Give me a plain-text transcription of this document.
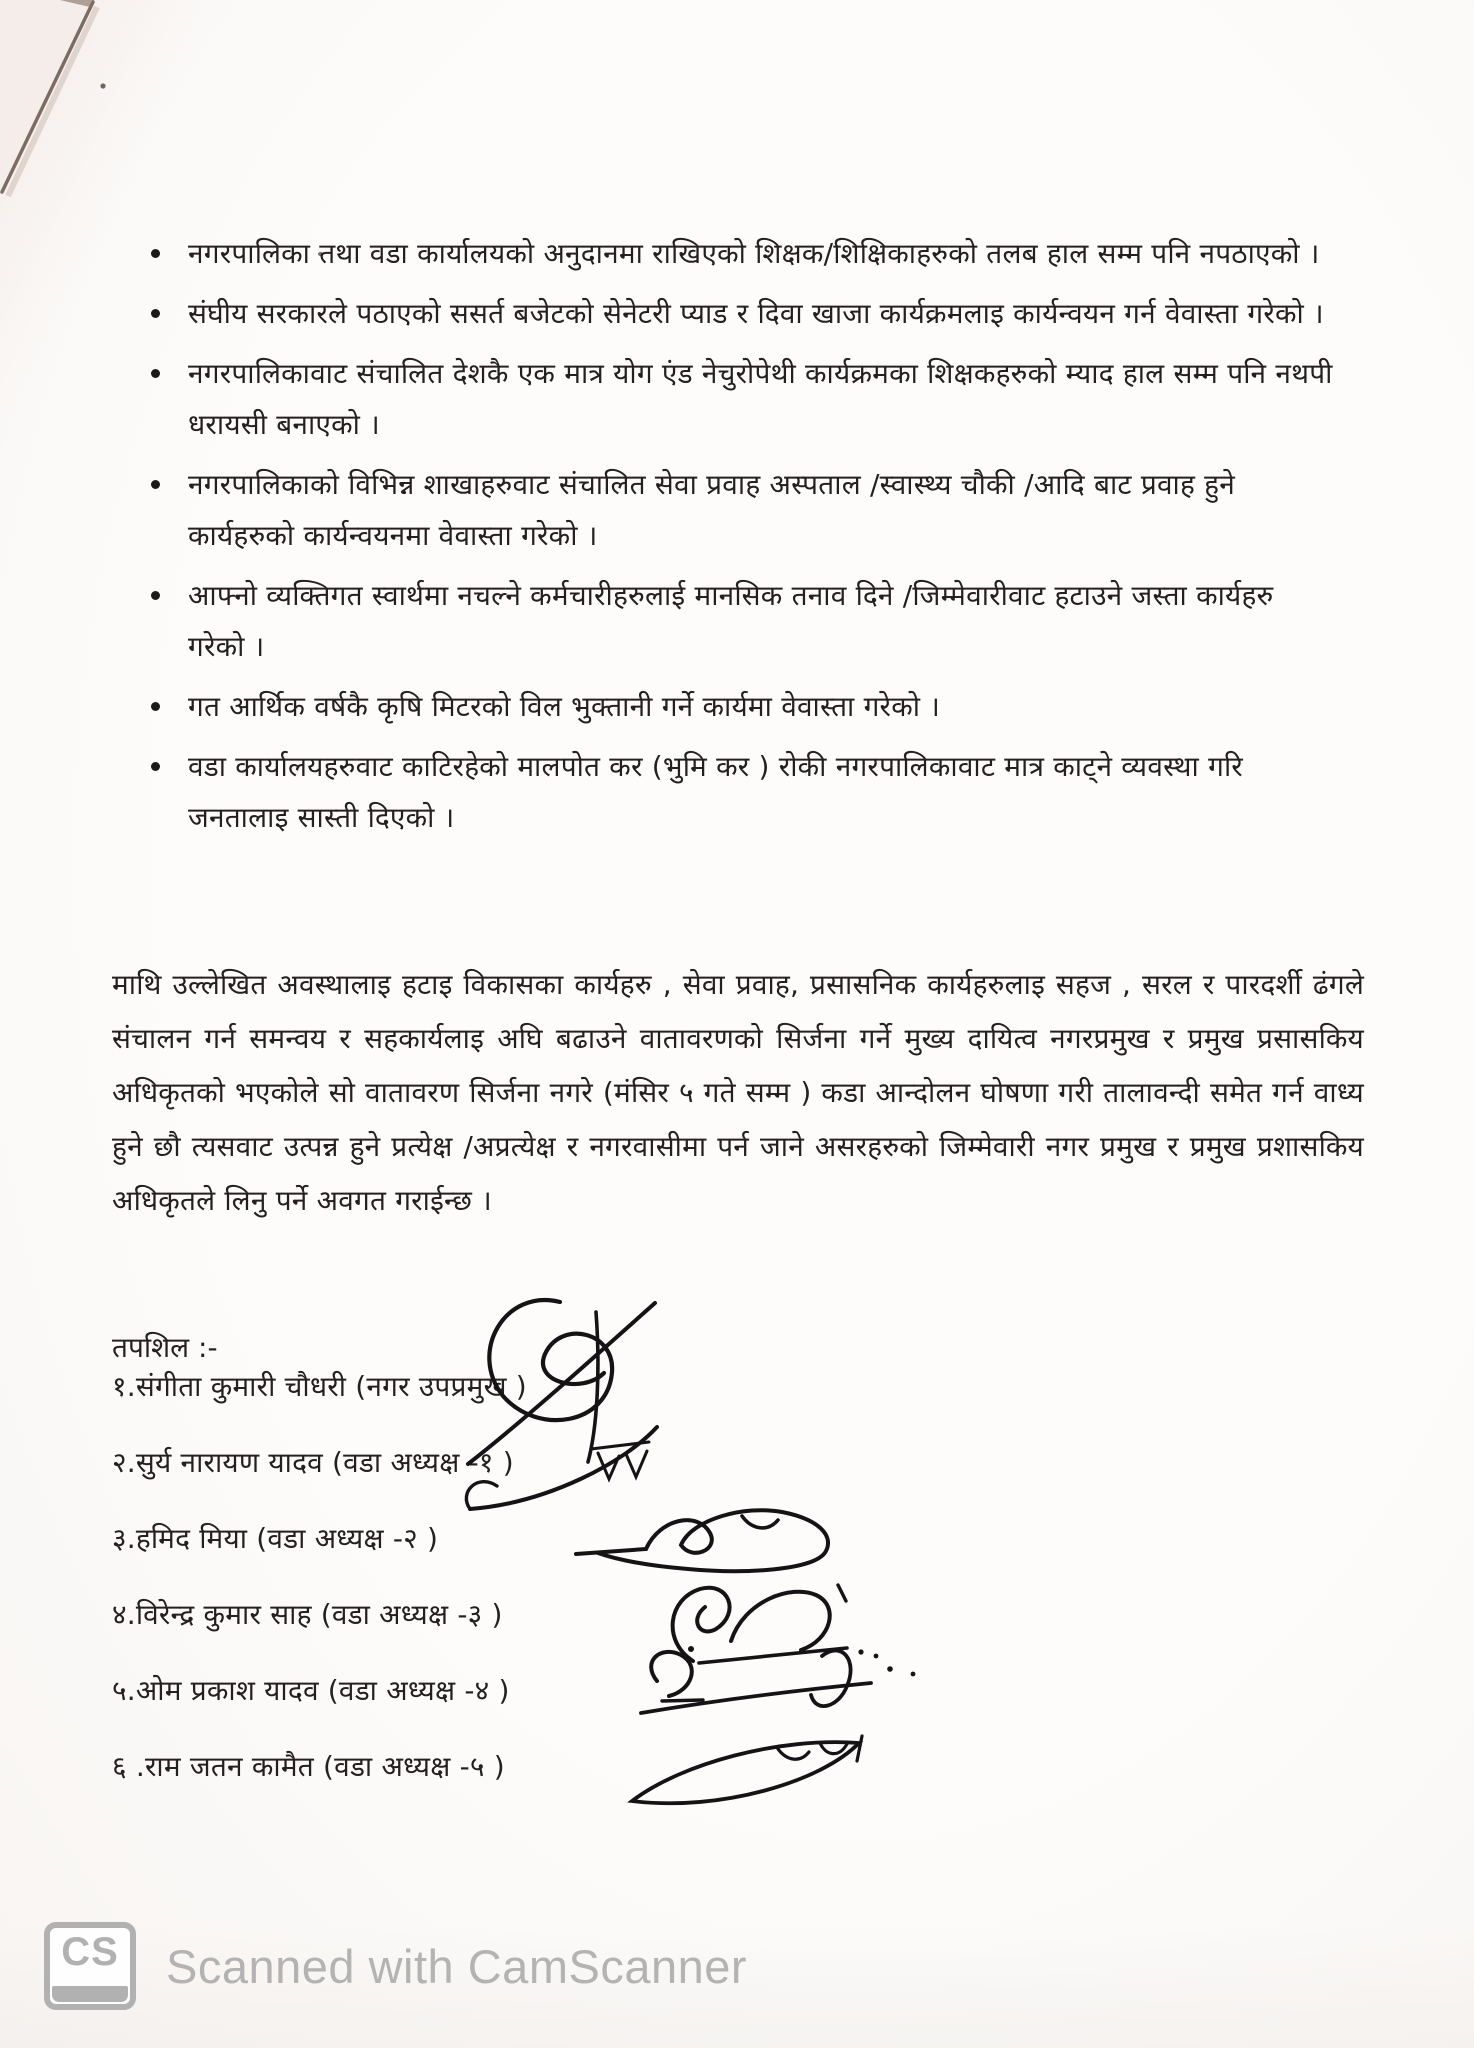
नगरपालिका तथा वडा कार्यालयको अनुदानमा राखिएको शिक्षक/शिक्षिकाहरुको तलब हाल सम्म पनि नपठाएको ।
संघीय सरकारले पठाएको ससर्त बजेटको सेनेटरी प्याड र दिवा खाजा कार्यक्रमलाइ कार्यन्वयन गर्न वेवास्ता गरेको ।
नगरपालिकावाट संचालित देशकै एक मात्र योग एंड नेचुरोपेथी कार्यक्रमका शिक्षकहरुको म्याद हाल सम्म पनि नथपी धरायसी बनाएको ।
नगरपालिकाको विभिन्न शाखाहरुवाट संचालित सेवा प्रवाह अस्पताल /स्वास्थ्य चौकी /आदि बाट प्रवाह हुने कार्यहरुको कार्यन्वयनमा वेवास्ता गरेको ।
आफ्नो व्यक्तिगत स्वार्थमा नचल्ने कर्मचारीहरुलाई मानसिक तनाव दिने /जिम्मेवारीवाट हटाउने जस्ता कार्यहरु गरेको ।
गत आर्थिक वर्षकै कृषि मिटरको विल भुक्तानी गर्ने कार्यमा वेवास्ता गरेको ।
वडा कार्यालयहरुवाट काटिरहेको मालपोत कर (भुमि कर ) रोकी नगरपालिकावाट मात्र काट्ने व्यवस्था गरि जनतालाइ सास्ती दिएको ।
माथि उल्लेखित अवस्थालाइ हटाइ विकासका कार्यहरु , सेवा प्रवाह, प्रसासनिक कार्यहरुलाइ सहज , सरल र पारदर्शी ढंगले संचालन गर्न समन्वय र सहकार्यलाइ अघि बढाउने वातावरणको सिर्जना गर्ने मुख्य दायित्व नगरप्रमुख र प्रमुख प्रसासकिय अधिकृतको भएकोले सो वातावरण सिर्जना नगरे (मंसिर ५ गते सम्म ) कडा आन्दोलन घोषणा गरी तालावन्दी समेत गर्न वाध्य हुने छौ त्यसवाट उत्पन्न हुने प्रत्येक्ष /अप्रत्येक्ष र नगरवासीमा पर्न जाने असरहरुको जिम्मेवारी नगर प्रमुख र प्रमुख प्रशासकिय अधिकृतले लिनु पर्ने अवगत गराईन्छ ।
तपशिल :-
१.संगीता कुमारी चौधरी (नगर उपप्रमुख )
२.सुर्य नारायण यादव (वडा अध्यक्ष -१ )
३.हमिद मिया (वडा अध्यक्ष -२ )
४.विरेन्द्र कुमार साह (वडा अध्यक्ष -३ )
५.ओम प्रकाश यादव (वडा अध्यक्ष -४ )
६ .राम जतन कामैत (वडा अध्यक्ष -५ )
CS Scanned with CamScanner
